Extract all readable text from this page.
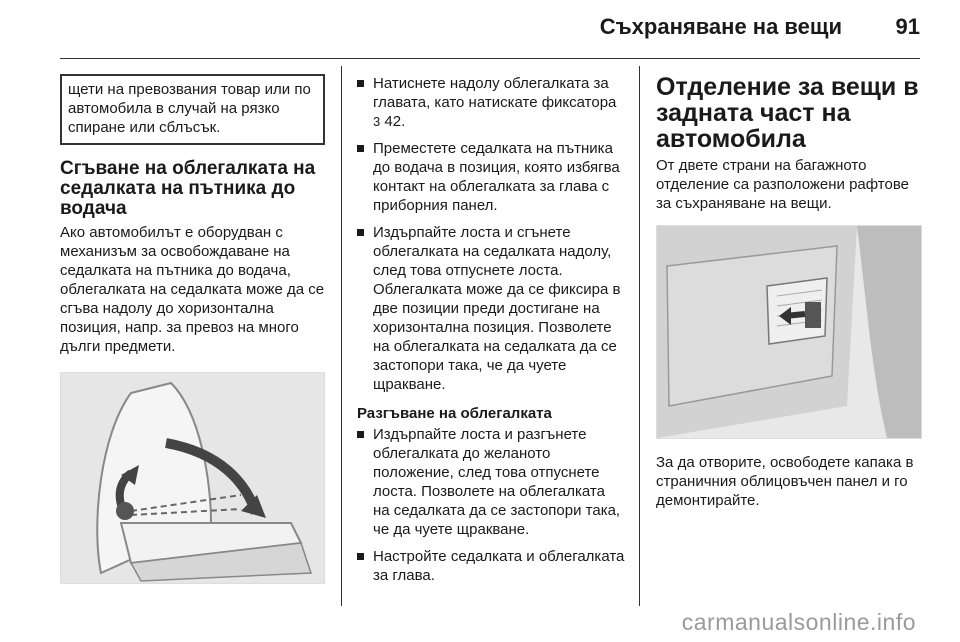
Съхраняване на вещи 91
щети на превозвания товар или по автомобила в случай на рязко спиране или сблъсък.
Сгъване на облегалката на седалката на пътника до водача

Ако автомобилът е оборудван с механизъм за освобождаване на седалката на пътника до водача, облегалката на седалката може да се сгъва надолу до хоризонтална позиция, напр. за превоз на много дълги предмети.

Натиснете надолу облегалката за главата, като натискате фиксатора 3 42.
Преместете седалката на пътника до водача в позиция, която избягва контакт на облегалката за глава с приборния панел.
Издърпайте лоста и сгънете облегалката на седалката надолу, след това отпуснете лоста. Облегалката може да се фиксира в две позиции преди достигане на хоризонтална позиция. Позволете на облегалката на седалката да се застопори така, че да чуете щракване.
Разгъване на облегалката
Издърпайте лоста и разгънете облегалката до желаното положение, след това отпуснете лоста. Позволете на облегалката на седалката да се застопори така, че да чуете щракване.
Настройте седалката и облегалката за глава.
Отделение за вещи в задната част на автомобила

От двете страни на багажното отделение са разположени рафтове за съхраняване на вещи.

За да отворите, освободете капака в страничния облицовъчен панел и го демонтирайте.

carmanualsonline.info
